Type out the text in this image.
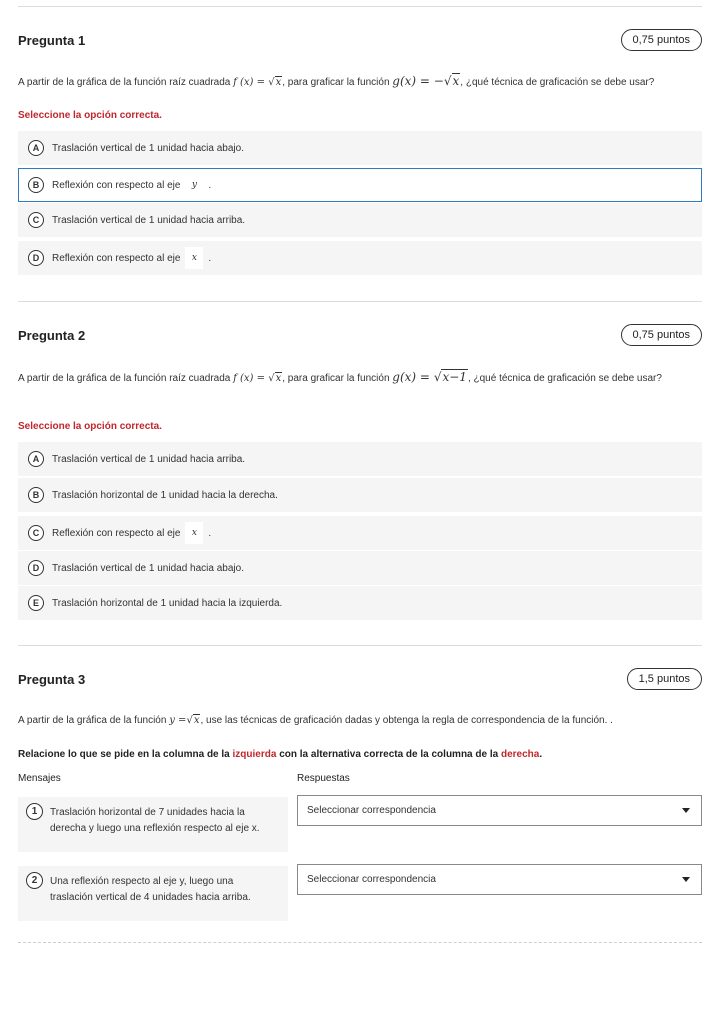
Pregunta 1	0,75 puntos
A partir de la gráfica de la función raíz cuadrada f (x) = √x, para graficar la función g(x) = −√x, ¿qué técnica de graficación se debe usar?
Seleccione la opción correcta.
A	Traslación vertical de 1 unidad hacia abajo.
B	Reflexión con respecto al eje	y	.
C	Traslación vertical de 1 unidad hacia arriba.
D	Reflexión con respecto al eje	x	.
Pregunta 2	0,75 puntos
A partir de la gráfica de la función raíz cuadrada f (x) = √x, para graficar la función g(x) = √x−1, ¿qué técnica de graficación se debe usar?
Seleccione la opción correcta.
A	Traslación vertical de 1 unidad hacia arriba.
B	Traslación horizontal de 1 unidad hacia la derecha.
C	Reflexión con respecto al eje	x	.
D	Traslación vertical de 1 unidad hacia abajo.
E	Traslación horizontal de 1 unidad hacia la izquierda.
Pregunta 3	1,5 puntos
A partir de la gráfica de la función y =√x, use las técnicas de graficación dadas y obtenga la regla de correspondencia de la función. .
Relacione lo que se pide en la columna de la izquierda con la alternativa correcta de la columna de la derecha.
Mensajes	Respuestas
1	Traslación horizontal de 7 unidades hacia la derecha y luego una reflexión respecto al eje x.
Seleccionar correspondencia
2	Una reflexión respecto al eje y, luego una traslación vertical de 4 unidades hacia arriba.
Seleccionar correspondencia
